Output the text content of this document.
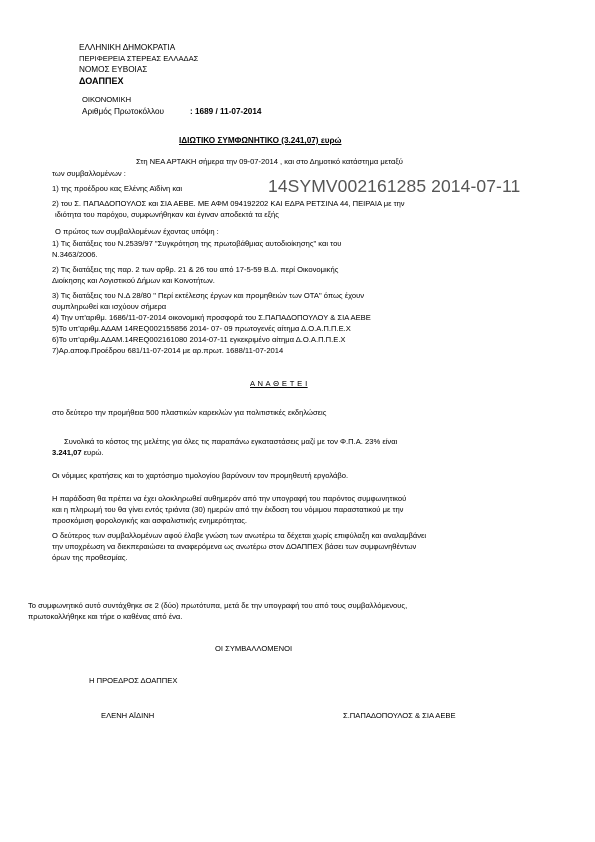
ΕΛΛΗΝΙΚΗ ΔΗΜΟΚΡΑΤΙΑ
ΠΕΡΙΦΕΡΕΙΑ ΣΤΕΡΕΑΣ ΕΛΛΑΔΑΣ
ΝΟΜΟΣ ΕΥΒΟΙΑΣ
ΔΟΑΠΠΕΧ
ΟΙΚΟΝΟΜΙΚΗ
Αριθμός Πρωτοκόλλου	: 1689 / 11-07-2014
ΙΔΙΩΤΙΚΟ ΣΥΜΦΩΝΗΤΙΚΟ (3.241,07) ευρώ
Στη ΝΕΑ ΑΡΤΑΚΗ σήμερα την 09-07-2014 , και στο Δημοτικό κατάστημα μεταξύ
των συμβαλλομένων :
1) της προέδρου κας Ελένης Αϊδίνη και	14SYMV002161285 2014-07-11
2) του Σ. ΠΑΠΑΔΟΠΟΥΛΟΣ και ΣΙΑ ΑΕΒΕ. ΜΕ ΑΦΜ 094192202 ΚΑΙ ΕΔΡΑ ΡΕΤΣΙΝΑ 44, ΠΕΙΡΑΙΑ με την
ιδιότητα του παρόχου, συμφωνήθηκαν και έγιναν αποδεκτά τα εξής
Ο πρώτος των συμβαλλομένων έχοντας υπόψη :
1) Τις διατάξεις του Ν.2539/97 "Συγκρότηση της πρωτοβάθμιας αυτοδιοίκησης" και του
Ν.3463/2006.
2) Τις διατάξεις της παρ. 2 των αρθρ. 21 & 26 του από 17-5-59 Β.Δ. περί Οικονομικής
Διοίκησης και Λογιστικού Δήμων και Κοινοτήτων.
3) Τις διατάξεις του Ν.Δ 28/80 " Περί εκτέλεσης έργων και προμηθειών των ΟΤΑ" όπως έχουν
συμπληρωθεί και ισχύουν σήμερα
4) Την υπ'αριθμ. 1686/11-07-2014 οικονομική προσφορά του Σ.ΠΑΠΑΔΟΠΟΥΛΟΥ & ΣΙΑ ΑΕΒΕ
5)Το υπ'αριθμ.ΑΔΑΜ 14REQ002155856 2014- 07- 09 πρωτογενές αίτημα Δ.Ο.Α.Π.Π.Ε.Χ
6)Το υπ'αριθμ.ΑΔΑΜ.14REQ002161080 2014-07-11 εγκεκριμένο αίτημα Δ.Ο.Α.Π.Π.Ε.Χ
7)Αρ.αποφ.Προέδρου 681/11-07-2014 με αρ.πρωτ. 1688/11-07-2014
Α Ν Α Θ Ε Τ Ε Ι
στο δεύτερο την προμήθεια 500 πλαστικών καρεκλών για πολιτιστικές εκδηλώσεις
Συνολικά το κόστος της μελέτης για όλες τις παραπάνω εγκαταστάσεις μαζί με τον Φ.Π.Α. 23% είναι
3.241,07 ευρώ.
Οι νόμιμες κρατήσεις και το χαρτόσημο τιμολογίου βαρύνουν τον προμηθευτή εργολάβο.
Η παράδοση θα πρέπει να έχει ολοκληρωθεί αυθημερόν από την υπογραφή του παρόντος συμφωνητικού
και η πληρωμή του θα γίνει εντός τριάντα (30) ημερών από την έκδοση του νόμιμου παραστατικού με την
προσκόμιση φορολογικής και ασφαλιστικής ενημερότητας.
Ο δεύτερος των συμβαλλομένων αφού έλαβε γνώση των ανωτέρω τα δέχεται χωρίς επιφύλαξη και αναλαμβάνει
την υποχρέωση να διεκπεραιώσει τα αναφερόμενα ως ανωτέρω στον ΔΟΑΠΠΕΧ βάσει των συμφωνηθέντων
όρων της προθεσμίας.
Το συμφωνητικό αυτό συντάχθηκε σε 2 (δύο) πρωτότυπα, μετά δε την υπογραφή του από τους συμβαλλόμενους,
πρωτοκολλήθηκε και τήρε ο καθένας από ένα.
ΟΙ ΣΥΜΒΑΛΛΟΜΕΝΟΙ
Η ΠΡΟΕΔΡΟΣ ΔΟΑΠΠΕΧ
ΕΛΕΝΗ ΑΪΔΙΝΗ	Σ.ΠΑΠΑΔΟΠΟΥΛΟΣ & ΣΙΑ ΑΕΒΕ
